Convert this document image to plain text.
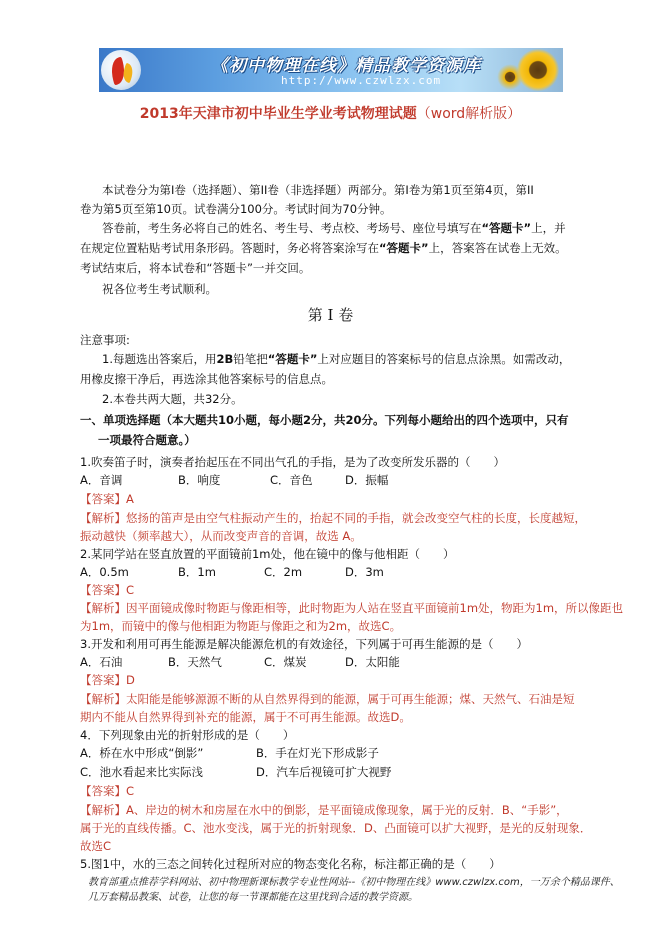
《初中物理在线》精品教学资源库
http://www.czwlzx.com
2013年天津市初中毕业生学业考试物理试题（word解析版）
本试卷分为第I卷（选择题）、第II卷（非选择题）两部分。第I卷为第1页至第4页，第II
卷为第5页至第10页。试卷满分100分。考试时间为70分钟。
答卷前，考生务必将自己的姓名、考生号、考点校、考场号、座位号填写在“答题卡”上，并
在规定位置粘贴考试用条形码。答题时，务必将答案涂写在“答题卡”上，答案答在试卷上无效。
考试结束后，将本试卷和“答题卡”一并交回。
祝各位考生考试顺利。
第 I 卷
注意事项:
1.每题选出答案后，用2B铅笔把“答题卡”上对应题目的答案标号的信息点涂黑。如需改动，
用橡皮擦干净后，再选涂其他答案标号的信息点。
2.本卷共两大题，共32分。
一、单项选择题（本大题共10小题，每小题2分，共20分。下列每小题给出的四个选项中，只有
一项最符合题意。）
1.吹奏笛子时，演奏者抬起压在不同出气孔的手指，是为了改变所发乐器的（　　）
A．音调	B．响度	C．音色	D．振幅
【答案】A
【解析】悠扬的笛声是由空气柱振动产生的，抬起不同的手指，就会改变空气柱的长度，长度越短，
振动越快（频率越大），从而改变声音的音调，故选 A。
2.某同学站在竖直放置的平面镜前1m处，他在镜中的像与他相距（　　）
A．0.5m	B．1m	C．2m	D．3m
【答案】C
【解析】因平面镜成像时物距与像距相等，此时物距为人站在竖直平面镜前1m处，物距为1m，所以像距也
为1m，而镜中的像与他相距为物距与像距之和为2m，故选C。
3.开发和利用可再生能源是解决能源危机的有效途径，下列属于可再生能源的是（　　）
A．石油	B．天然气	C．煤炭	D．太阳能
【答案】D
【解析】太阳能是能够源源不断的从自然界得到的能源，属于可再生能源；煤、天然气、石油是短
期内不能从自然界得到补充的能源，属于不可再生能源。故选D。
4．下列现象由光的折射形成的是（　　）
A．桥在水中形成“倒影”	B．手在灯光下形成影子
C．池水看起来比实际浅	D．汽车后视镜可扩大视野
【答案】C
【解析】A、岸边的树木和房屋在水中的倒影，是平面镜成像现象，属于光的反射．B、“手影”，
属于光的直线传播。C、池水变浅，属于光的折射现象．D、凸面镜可以扩大视野，是光的反射现象．
故选C
5.图1中，水的三态之间转化过程所对应的物态变化名称，标注都正确的是（　　）
教育部重点推荐学科网站、初中物理新课标教学专业性网站--《初中物理在线》www.czwlzx.com，一万余个精品课件、
几万套精品教案、试卷，让您的每一节课都能在这里找到合适的教学资源。
